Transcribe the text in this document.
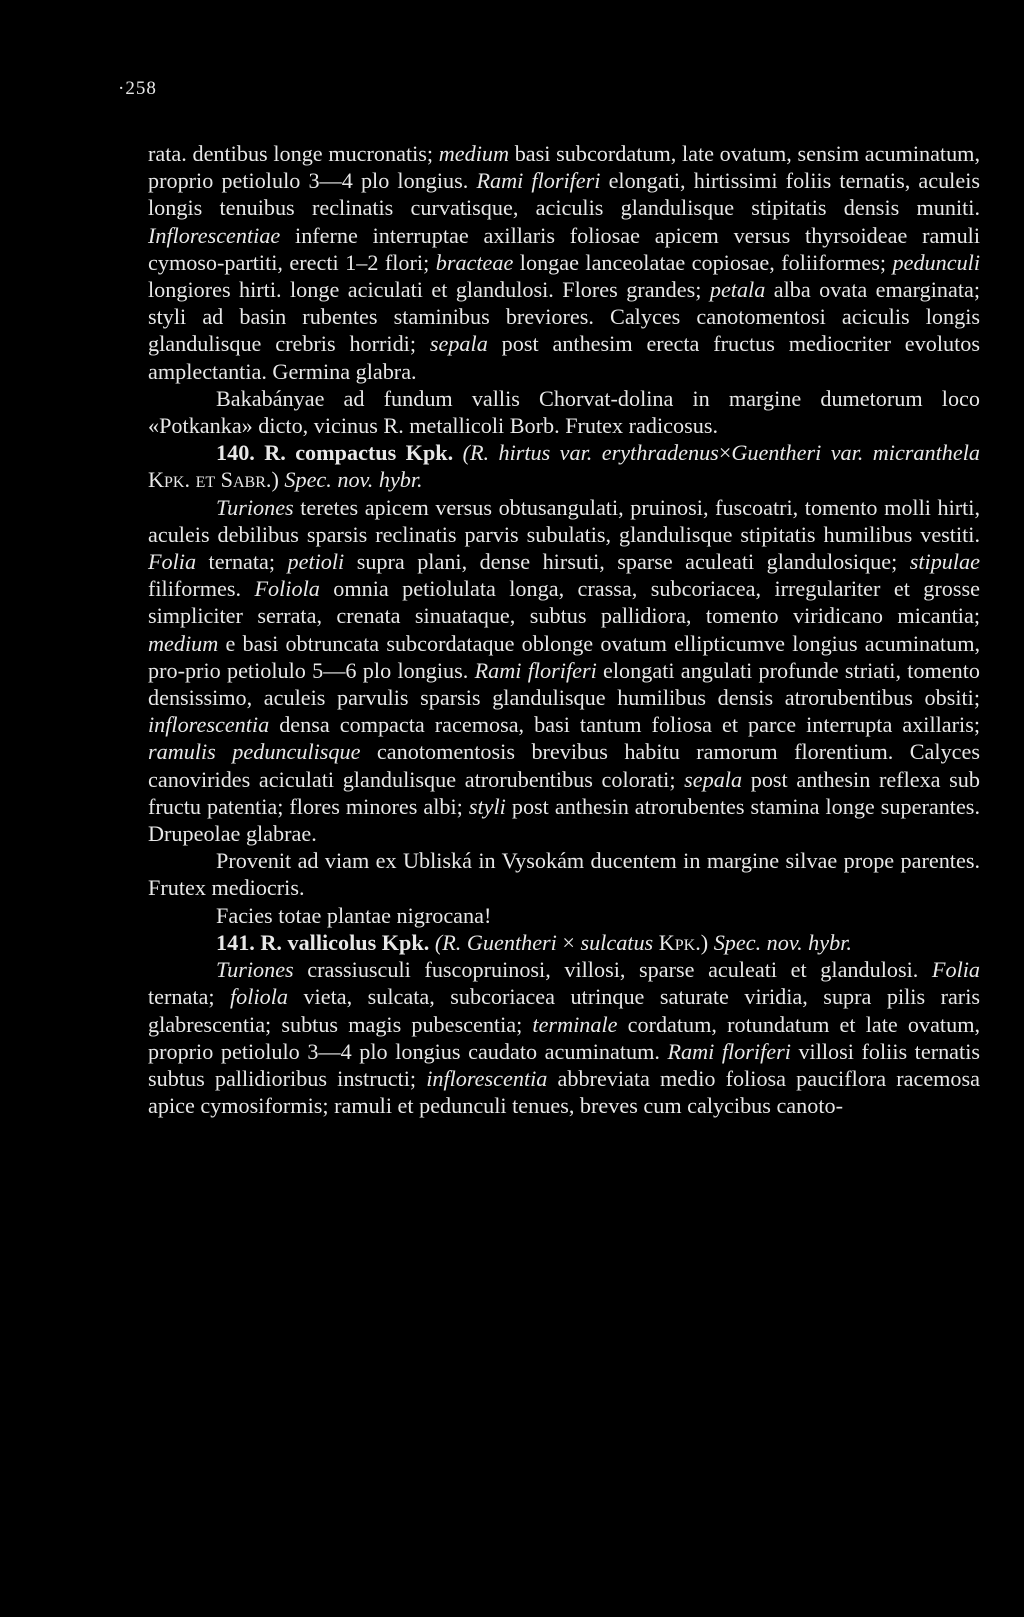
·258

rata. dentibus longe mucronatis; medium basi subcordatum, late ovatum, sensim acuminatum, proprio petiolulo 3—4 plo longius. Rami floriferi elongati, hirtissimi foliis ternatis, aculeis longis tenuibus reclinatis curvatisque, aciculis glandulisque stipitatis densis muniti. Inflorescentiae inferne interruptae axillaris foliosae apicem versus thyrsoideae ramuli cymoso-partiti, erecti 1–2 flori; bracteae longae lanceolatae copiosae, foliiformes; pedunculi longiores hirti. longe aciculati et glandulosi. Flores grandes; petala alba ovata emarginata; styli ad basin rubentes staminibus breviores. Calyces canotomentosi aciculis longis glandulisque crebris horridi; sepala post anthesim erecta fructus mediocriter evolutos amplectantia. Germina glabra.

Bakabányae ad fundum vallis Chorvat-dolina in margine dumetorum loco «Potkanka» dicto, vicinus R. metallicoli Borb. Frutex radicosus.

140. R. compactus Kpk. (R. hirtus var. erythradenus×Guentheri var. micranthela Kpk. et Sabr.) Spec. nov. hybr.

Turiones teretes apicem versus obtusangulati, pruinosi, fuscoatri, tomento molli hirti, aculeis debilibus sparsis reclinatis parvis subulatis, glandulisque stipitatis humilibus vestiti. Folia ternata; petioli supra plani, dense hirsuti, sparse aculeati glandulosique; stipulae filiformes. Foliola omnia petiolulata longa, crassa, subcoriacea, irregulariter et grosse simpliciter serrata, crenata sinuataque, subtus pallidiora, tomento viridicano micantia; medium e basi obtruncata subcordataque oblonge ovatum ellipticumve longius acuminatum, pro-prio petiolulo 5—6 plo longius. Rami floriferi elongati angulati profunde striati, tomento densissimo, aculeis parvulis sparsis glandulisque humilibus densis atrorubentibus obsiti; inflorescentia densa compacta racemosa, basi tantum foliosa et parce interrupta axillaris; ramulis pedunculisque canotomentosis brevibus habitu ramorum florentium. Calyces canovirides aciculati glandulisque atrorubentibus colorati; sepala post anthesin reflexa sub fructu patentia; flores minores albi; styli post anthesin atrorubentes stamina longe superantes. Drupeolae glabrae.

Provenit ad viam ex Ubliská in Vysokám ducentem in margine silvae prope parentes. Frutex mediocris.

Facies totae plantae nigrocana!

141. R. vallicolus Kpk. (R. Guentheri × sulcatus Kpk.) Spec. nov. hybr.

Turiones crassiusculi fuscopruinosi, villosi, sparse aculeati et glandulosi. Folia ternata; foliola vieta, sulcata, subcoriacea utrinque saturate viridia, supra pilis raris glabrescentia; subtus magis pubescentia; terminale cordatum, rotundatum et late ovatum, proprio petiolulo 3—4 plo longius caudato acuminatum. Rami floriferi villosi foliis ternatis subtus pallidioribus instructi; inflorescentia abbreviata medio foliosa pauciflora racemosa apice cymosiformis; ramuli et pedunculi tenues, breves cum calycibus canoto-
